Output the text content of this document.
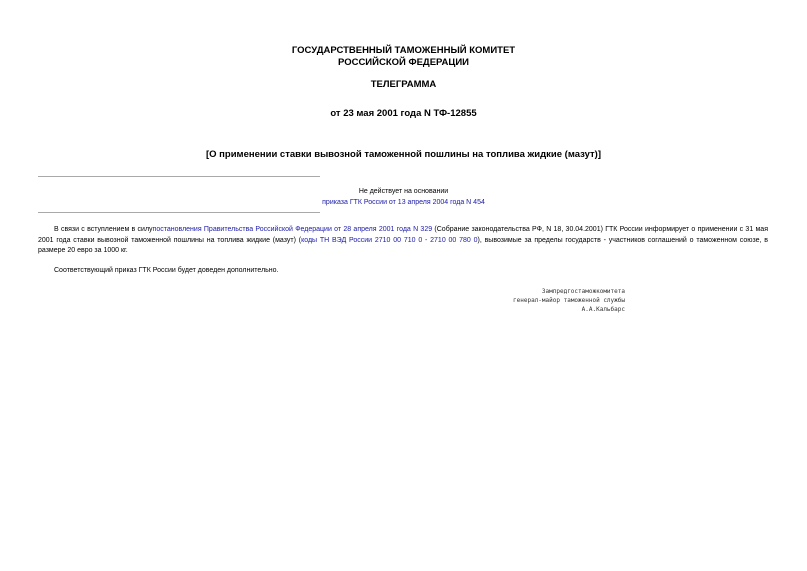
ГОСУДАРСТВЕННЫЙ ТАМОЖЕННЫЙ КОМИТЕТ
РОССИЙСКОЙ ФЕДЕРАЦИИ
ТЕЛЕГРАММА
от 23 мая 2001 года N ТФ-12855
[О применении ставки вывозной таможенной пошлины на топлива жидкие (мазут)]
Не действует на основании
приказа ГТК России от 13 апреля 2004 года N 454

В связи с вступлением в силупостановления Правительства Российской Федерации от 28 апреля 2001 года N 329 (Собрание законодательства РФ, N 18, 30.04.2001) ГТК России информирует о применении с 31 мая 2001 года ставки вывозной таможенной пошлины на топлива жидкие (мазут) (коды ТН ВЭД России 2710 00 710 0 - 2710 00 780 0), вывозимые за пределы государств - участников соглашений о таможенном союзе, в размере 20 евро за 1000 кг.

Соответствующий приказ ГТК России будет доведен дополнительно.

Зампредгостаможкомитета
генерал-майор таможенной службы
А.А.Кальбарс
